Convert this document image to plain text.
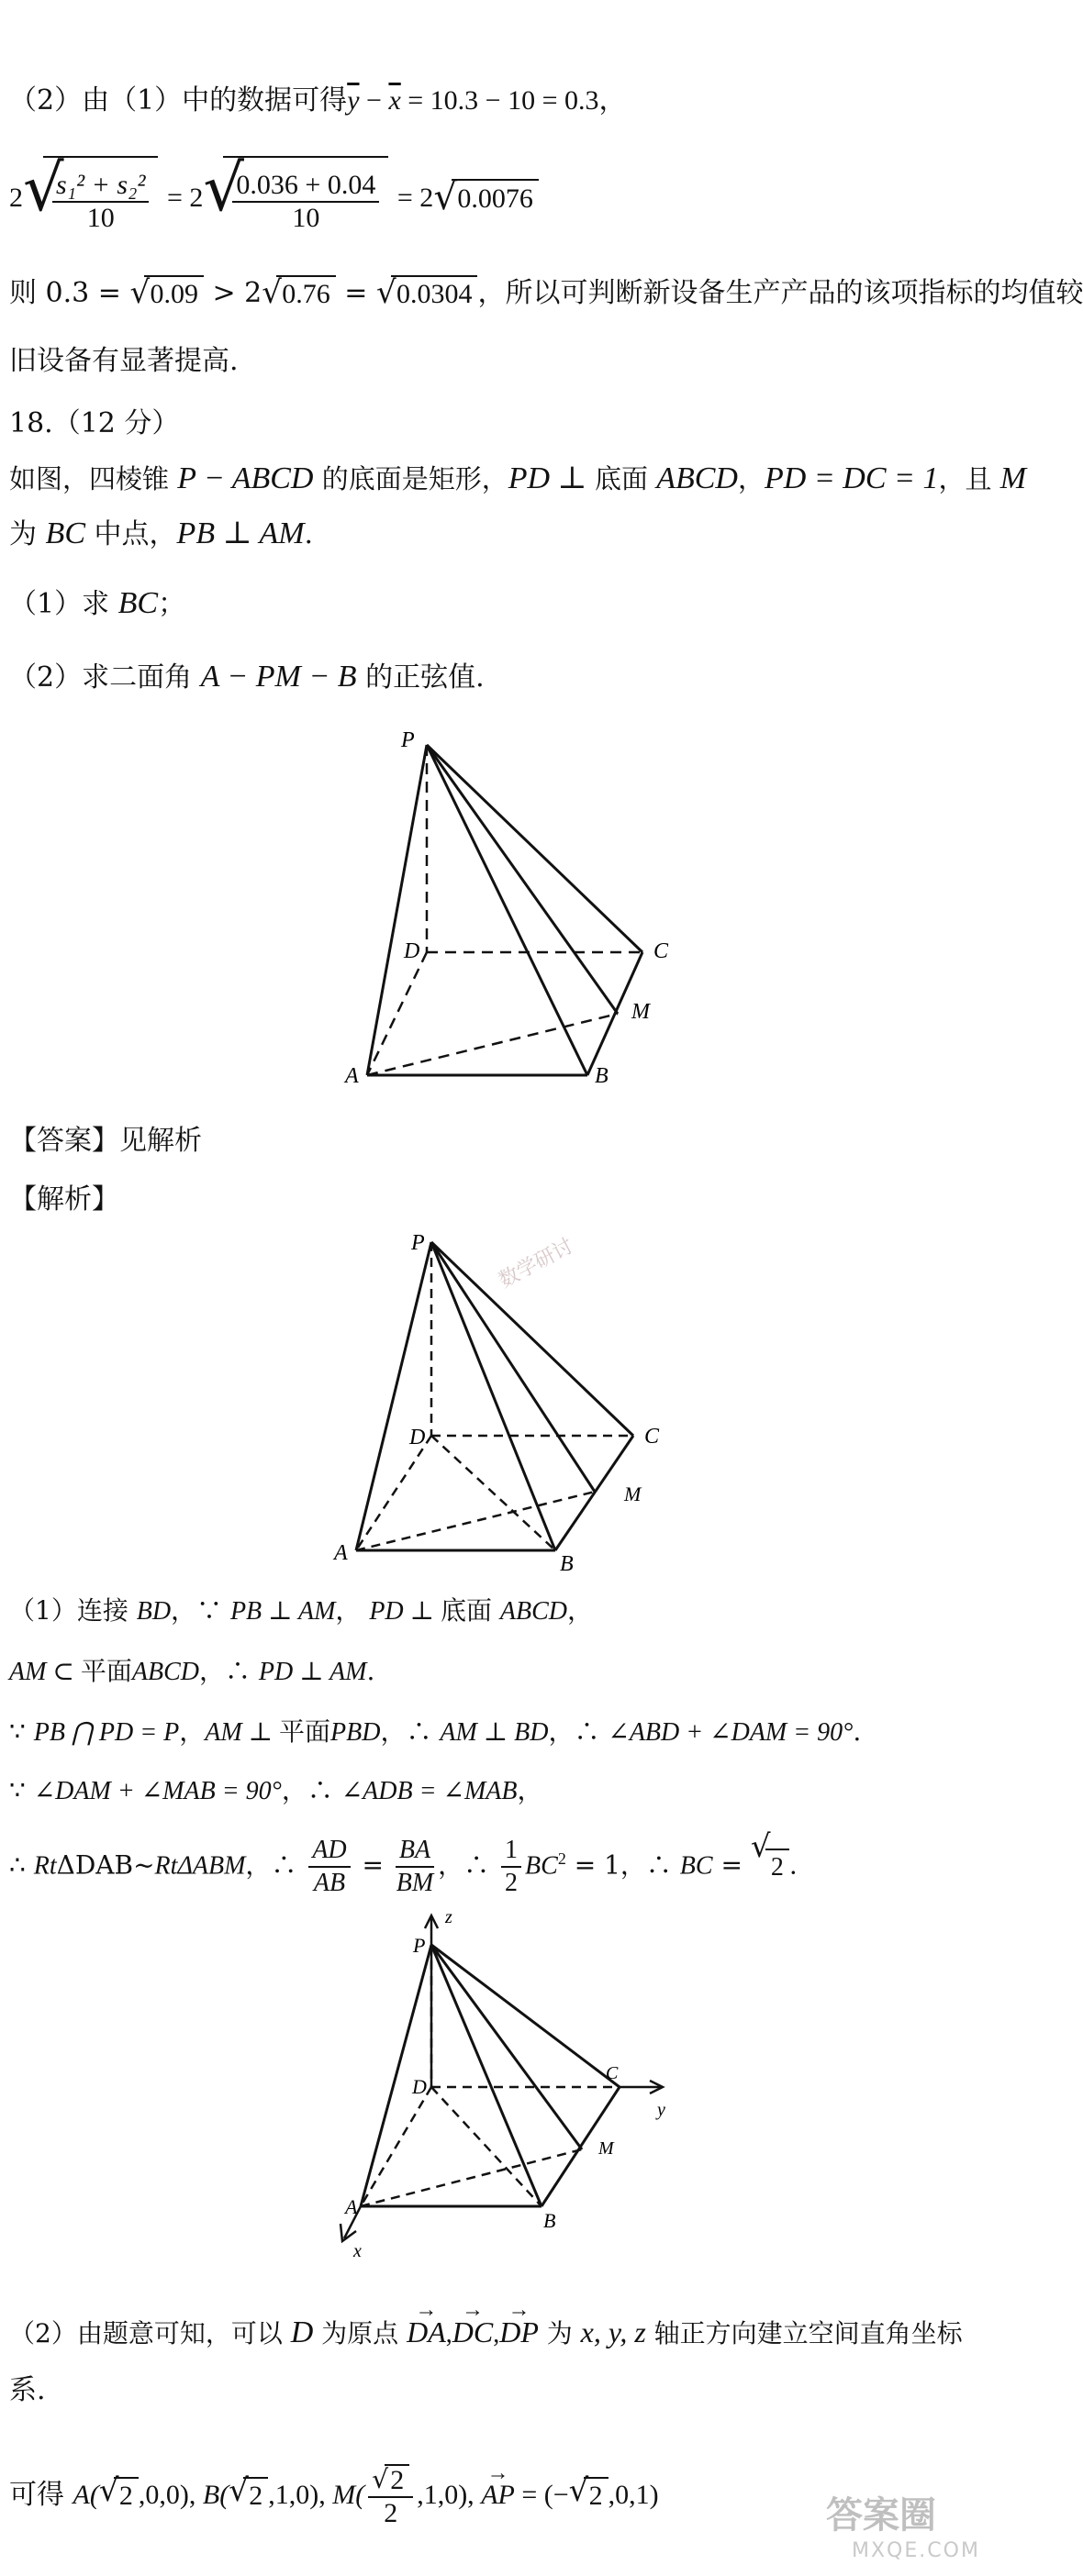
（2）由（1）中的数据可得$\overline{y} - \overline{x} = 10.3 - 10 = 0.3$，
2 √
$\frac{\text{s₁² + s₂²}}{10} = 2$ √
$\frac{0.036 + 0.04}{10} = 2$ √ 0.0076
则 0.3 = √ 0.09 > 2 √ 0.76 = √ 0.0304 ，所以可判断新设备生产产品的该项指标的均值较
旧设备有显著提高.
18.（12 分）
如图，四棱锥 P − ABCD 的底面是矩形，PD ⊥ 底面 ABCD，PD = DC = 1，且 M
为 BC 中点，PB ⊥ AM.
（1）求 BC；
（2）求二面角 A − PM − B 的正弦值.
P
D	C
M
A	B
【答案】见解析
【解析】
P
D	C
M
A	B
数学研讨
（1）连接 BD，∵ PB ⊥ AM， PD ⊥ 底面 ABCD，
AM ⊂ 平面ABCD，∴ PD ⊥ AM.
∵ PB ⋂ PD = P，AM ⊥ 平面PBD，∴ AM ⊥ BD，∴ ∠ABD + ∠DAM = 90°.
∵ ∠DAM + ∠MAB = 90°，∴ ∠ADB = ∠MAB，
∴ RtΔDAB~RtΔABM，∴ $\frac{AD}{AB} = \frac{BA}{BM}$ ，∴ $\frac{1}{2} BC^2 = 1$，∴ BC = √
2 .
P
D
C
M
A
B
x
y
z
（2）由题意可知，可以 D 为原点 → DA,→ DC,→ DP 为 x, y, z 轴正方向建立空间直角坐标
系.
可得 A( √ 2 ,0,0), B( √ 2 ,1,0), $M( \frac{√ 2}{2} ,1,0)$, → AP = (− √ 2 ,0,1)	答案圈
MXQE.COM
